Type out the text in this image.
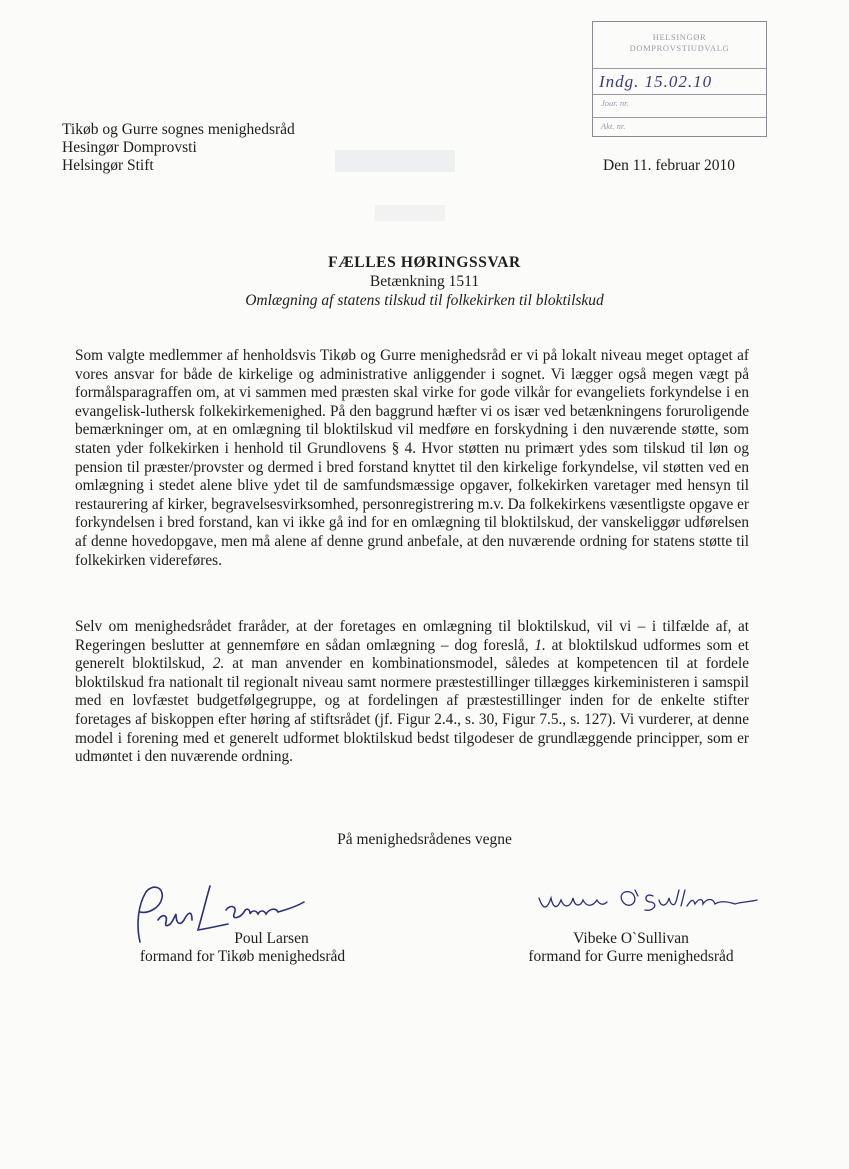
HELSINGØR
DOMPROVSTIUDVALG
Indg. 15.02.10
Jour. nr.
Akt. nr.
Tikøb og Gurre sognes menighedsråd
Hesingør Domprovsti
Helsingør Stift	Den 11. februar 2010
FÆLLES HØRINGSSVAR
Betænkning 1511
Omlægning af statens tilskud til folkekirken til bloktilskud

Som valgte medlemmer af henholdsvis Tikøb og Gurre menighedsråd er vi på lokalt niveau meget optaget af vores ansvar for både de kirkelige og administrative anliggender i sognet. Vi lægger også megen vægt på formålsparagraffen om, at vi sammen med præsten skal virke for gode vilkår for evangeliets forkyndelse i en evangelisk-luthersk folkekirkemenighed. På den baggrund hæfter vi os især ved betænkningens foruroligende bemærkninger om, at en omlægning til bloktilskud vil medføre en forskydning i den nuværende støtte, som staten yder folkekirken i henhold til Grundlovens § 4. Hvor støtten nu primært ydes som tilskud til løn og pension til præster/provster og dermed i bred forstand knyttet til den kirkelige forkyndelse, vil støtten ved en omlægning i stedet alene blive ydet til de samfundsmæssige opgaver, folkekirken varetager med hensyn til restaurering af kirker, begravelsesvirksomhed, personregistrering m.v. Da folkekirkens væsentligste opgave er forkyndelsen i bred forstand, kan vi ikke gå ind for en omlægning til bloktilskud, der vanskeliggør udførelsen af denne hovedopgave, men må alene af denne grund anbefale, at den nuværende ordning for statens støtte til folkekirken videreføres.

Selv om menighedsrådet fraråder, at der foretages en omlægning til bloktilskud, vil vi – i tilfælde af, at Regeringen beslutter at gennemføre en sådan omlægning – dog foreslå, 1. at bloktilskud udformes som et generelt bloktilskud, 2. at man anvender en kombinationsmodel, således at kompetencen til at fordele bloktilskud fra nationalt til regionalt niveau samt normere præstestillinger tillægges kirkeministeren i samspil med en lovfæstet budgetfølgegruppe, og at fordelingen af præstestillinger inden for de enkelte stifter foretages af biskoppen efter høring af stiftsrådet (jf. Figur 2.4., s. 30, Figur 7.5., s. 127). Vi vurderer, at denne model i forening med et generelt udformet bloktilskud bedst tilgodeser de grundlæggende principper, som er udmøntet i den nuværende ordning.

På menighedsrådenes vegne
Poul Larsen
formand for Tikøb menighedsråd
Vibeke O`Sullivan
formand for Gurre menighedsråd
